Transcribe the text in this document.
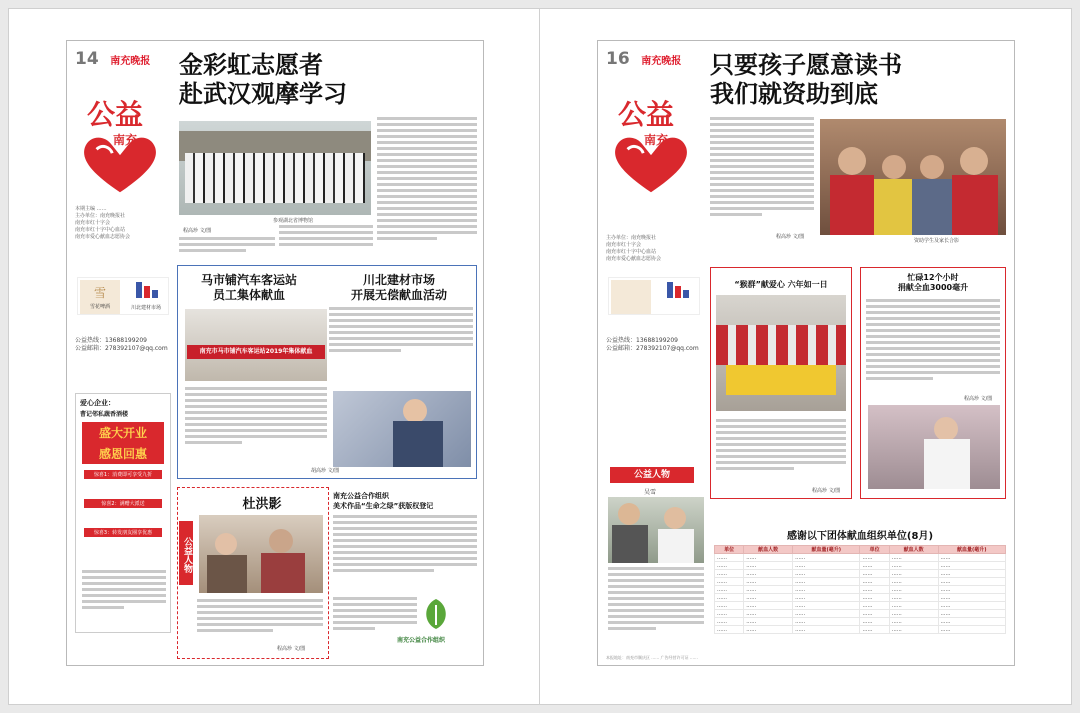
14 南充晚报 金彩虹志愿者
赴武汉观摩学习
公益
南充
本期主编 ……
主办单位：南充晚报社
南充市红十字会
南充市红十字中心血站
南充市爱心献血志愿协会
雪
雪花啤酒	川北建材市场
公益热线：13688199209
公益邮箱：278392107@qq.com
参观湖北省博物馆
程高珍 文/图
马市铺汽车客运站
员工集体献血
川北建材市场
开展无偿献血活动
南充市马市铺汽车客运站2019年集体献血
胡高珍 文/图
爱心企业：
曹记邻私蔬香酒楼
盛大开业
感恩回惠
惊喜1：消费即可享受九折
惊喜2：满赠大派送
惊喜3：转发朋友圈享优惠
公益人物
杜洪影
程高珍 文/图
南充公益合作组织
美术作品“生命之绿”获版权登记
南充公益合作组织
16 南充晚报 只要孩子愿意读书
我们就资助到底
公益
南充
主办单位：南充晚报社
南充市红十字会
南充市红十字中心血站
南充市爱心献血志愿协会
公益热线：13688199209
公益邮箱：278392107@qq.com
程高珍 文/图
资助学生及家长合影
“猴群”献爱心 六年如一日
程高珍 文/图
忙碌12个小时
捐献全血3000毫升
程高珍 文/图
公益人物
吴雪
感谢以下团体献血组织单位(8月)
单位	献血人数	献血量(毫升)	单位	献血人数	献血量(毫升)
……	……	……	……	……	……
……	……	……	……	……	……
……	……	……	……	……	……
……	……	……	……	……	……
……	……	……	……	……	……
……	……	……	……	……	……
……	……	……	……	……	……
……	……	……	……	……	……
……	……	……	……	……	……
……	……	……	……	……	……
本报地址：南充市顺庆区 …… 广告经营许可证 ……
